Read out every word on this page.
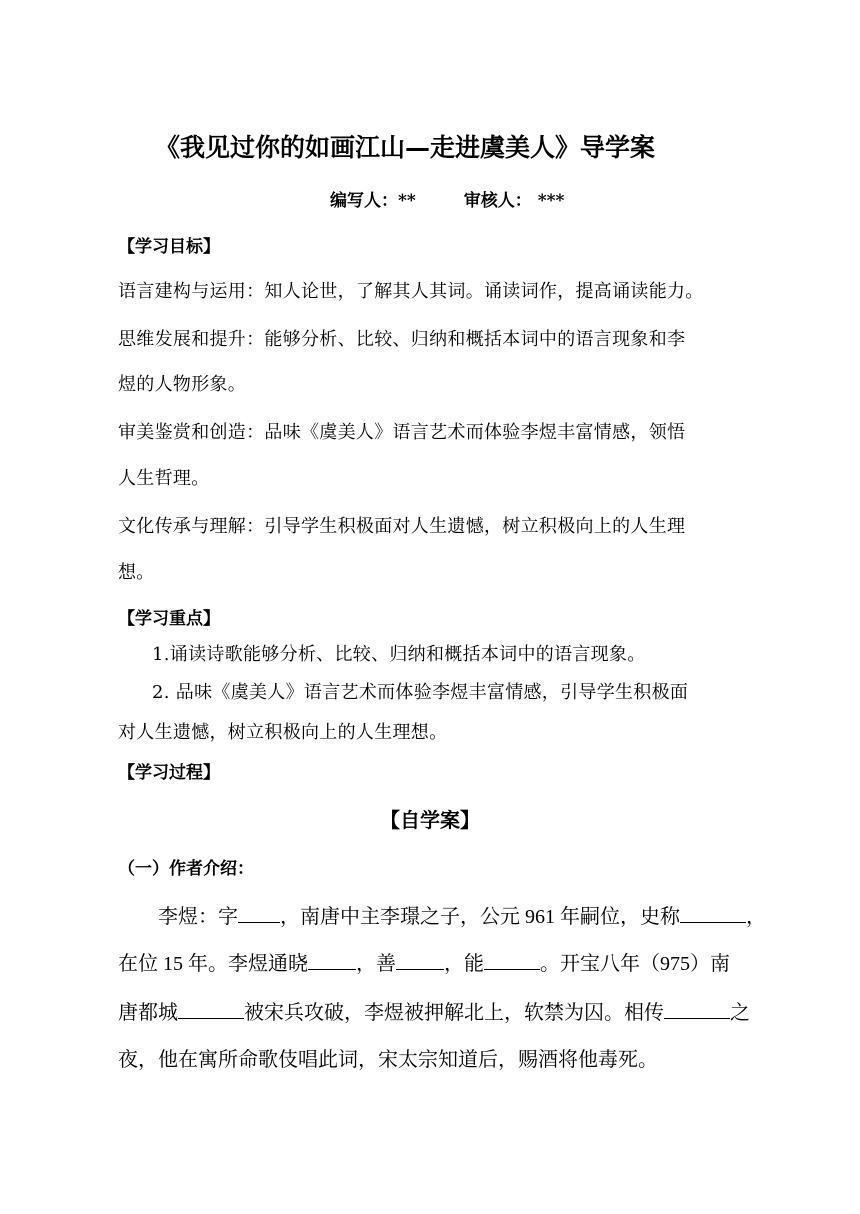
《我见过你的如画江山—走进虞美人》导学案
编写人：**	审核人： ***
【学习目标】
语言建构与运用：知人论世，了解其人其词。诵读词作，提高诵读能力。
思维发展和提升：能够分析、比较、归纳和概括本词中的语言现象和李
煜的人物形象。
审美鉴赏和创造：品味《虞美人》语言艺术而体验李煜丰富情感，领悟
人生哲理。
文化传承与理解：引导学生积极面对人生遗憾，树立积极向上的人生理
想。
【学习重点】
1.诵读诗歌能够分析、比较、归纳和概括本词中的语言现象。
2. 品味《虞美人》语言艺术而体验李煜丰富情感，引导学生积极面
对人生遗憾，树立积极向上的人生理想。
【学习过程】
【自学案】
（一）作者介绍：
李煜：字 ，南唐中主李璟之子，公元 961 年嗣位，史称	，
在位 15 年。李煜通晓 ，善 ，能	。开宝八年（975）南
唐都城	被宋兵攻破，李煜被押解北上，软禁为囚。相传	之
夜，他在寓所命歌伎唱此词，宋太宗知道后，赐酒将他毒死。
